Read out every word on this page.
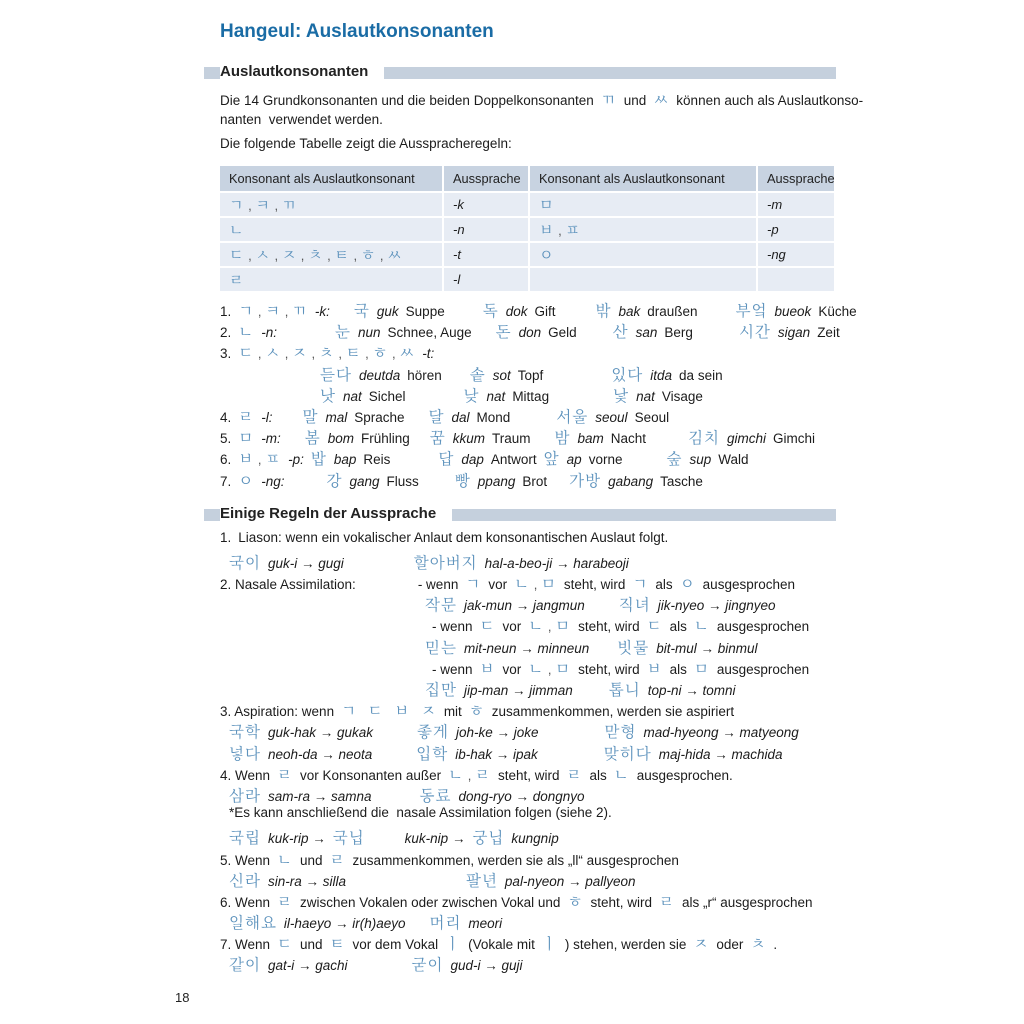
Hangeul: Auslautkonsonanten
Auslautkonsonanten
Die 14 Grundkonsonanten und die beiden Doppelkonsonanten ㄲ und ㅆ können auch als Auslautkonso-
nanten  verwendet werden.
Die folgende Tabelle zeigt die Ausspracheregeln:
Konsonant als Auslautkonsonant	Aussprache	Konsonant als Auslautkonsonant	Aussprache
ㄱ , ㅋ , ㄲ	-k	ㅁ	-m
ㄴ	-n	ㅂ , ㅍ	-p
ㄷ , ㅅ , ㅈ , ㅊ , ㅌ , ㅎ , ㅆ	-t	ㅇ	-ng
ㄹ	-l
1. ㄱ , ㅋ , ㄲ -k: 국 guk Suppe 독 dok Gift	밖 bak draußen 부엌 bueok Küche
2. ㄴ -n:	눈 nun Schnee, Auge 돈 don Geld 산 san Berg	시간 sigan Zeit
3. ㄷ , ㅅ , ㅈ , ㅊ , ㅌ , ㅎ , ㅆ -t:
듣다 deutda hören 솥 sot Topf	있다 itda da sein
낫 nat Sichel	낮 nat Mittag	낯 nat Visage
4. ㄹ -l: 말 mal Sprache 달 dal Mond	서울 seoul Seoul
5. ㅁ -m: 봄 bom Frühling 꿈 kkum Traum 밤 bam Nacht	김치 gimchi Gimchi
6. ㅂ , ㅍ -p: 밥 bap Reis	답 dap Antwort 앞 ap vorne	숲 sup Wald
7. ㅇ -ng:	강 gang Fluss 빵 ppang Brot 가방 gabang Tasche
Einige Regeln der Aussprache
1. Liason: wenn ein vokalischer Anlaut dem konsonantischen Auslaut folgt.
국이 guk-i → gugi	할아버지 hal-a-beo-ji → harabeoji
2. Nasale Assimilation:	- wenn ㄱ vor ㄴ , ㅁ steht, wird ㄱ als ㅇ ausgesprochen
작문 jak-mun → jangmun 직녀 jik-nyeo → jingnyeo
- wenn ㄷ vor ㄴ , ㅁ steht, wird ㄷ als ㄴ ausgesprochen
믿는 mit-neun → minneun 빗물 bit-mul → binmul
- wenn ㅂ vor ㄴ , ㅁ steht, wird ㅂ als ㅁ ausgesprochen
집만 jip-man → jimman 톱니 top-ni → tomni
3. Aspiration: wenn ㄱ  ㄷ  ㅂ  ㅈ mit ㅎ zusammenkommen, werden sie aspiriert
국학 guk-hak → gukak	좋게 joh-ke → joke	맏형 mad-hyeong → matyeong
넣다 neoh-da → neota	입학 ib-hak → ipak	맞히다 maj-hida → machida
4. Wenn ㄹ vor Konsonanten außer ㄴ , ㄹ steht, wird ㄹ als ㄴ ausgesprochen.
삼라 sam-ra → samna	동료 dong-ryo → dongnyo
*Es kann anschließend die  nasale Assimilation folgen (siehe 2).
국립 kuk-rip → 국닙	kuk-nip → 궁닙 kungnip
5. Wenn ㄴ und ㄹ zusammenkommen, werden sie als „ll“ ausgesprochen
신라 sin-ra → silla	팔년 pal-nyeon → pallyeon
6. Wenn ㄹ zwischen Vokalen oder zwischen Vokal und ㅎ steht, wird ㄹ als „r“ ausgesprochen
일해요 il-haeyo → ir(h)aeyo 머리 meori
7. Wenn ㄷ und ㅌ vor dem Vokal ㅣ (Vokale mit ㅣ ) stehen, werden sie ㅈ oder ㅊ .
같이 gat-i → gachi	굳이 gud-i → guji
18
